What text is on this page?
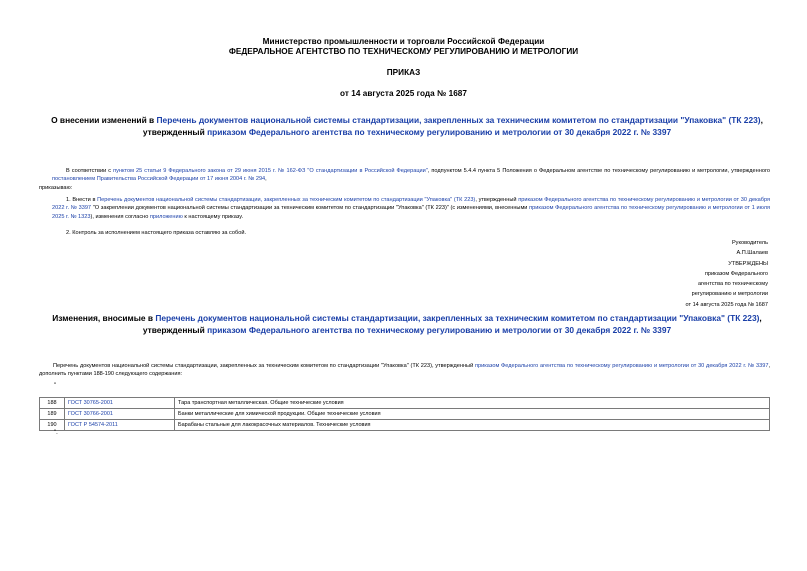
Министерство промышленности и торговли Российской Федерации
ФЕДЕРАЛЬНОЕ АГЕНТСТВО ПО ТЕХНИЧЕСКОМУ РЕГУЛИРОВАНИЮ И МЕТРОЛОГИИ
ПРИКАЗ
от 14 августа 2025 года № 1687
О внесении изменений в Перечень документов национальной системы стандартизации, закрепленных за техническим комитетом по стандартизации "Упаковка" (ТК 223), утвержденный приказом Федерального агентства по техническому регулированию и метрологии от 30 декабря 2022 г. № 3397
В соответствии с пунктом 25 статьи 9 Федерального закона от 29 июня 2015 г. № 162-ФЗ "О стандартизации в Российской Федерации", подпунктом 5.4.4 пункта 5 Положения о Федеральном агентстве по техническому регулированию и метрологии, утвержденного постановлением Правительства Российской Федерации от 17 июня 2004 г. № 294,
приказываю:
1. Внести в Перечень документов национальной системы стандартизации, закрепленных за техническим комитетом по стандартизации "Упаковка" (ТК 223), утвержденный приказом Федерального агентства по техническому регулированию и метрологии от 30 декабря 2022 г. № 3397 "О закреплении документов национальной системы стандартизации за техническим комитетом по стандартизации "Упаковка" (ТК 223)" (с изменениями, внесенными приказом Федерального агентства по техническому регулированию и метрологии от 1 июля 2025 г. № 1323), изменения согласно приложению к настоящему приказу.
2. Контроль за исполнением настоящего приказа оставляю за собой.
Руководитель
А.П.Шалаев
УТВЕРЖДЕНЫ
приказом Федерального
агентства по техническому
регулированию и метрологии
от 14 августа 2025 года № 1687
Изменения, вносимые в Перечень документов национальной системы стандартизации, закрепленных за техническим комитетом по стандартизации "Упаковка" (ТК 223), утвержденный приказом Федерального агентства по техническому регулированию и метрологии от 30 декабря 2022 г. № 3397
Перечень документов национальной системы стандартизации, закрепленных за техническим комитетом по стандартизации "Упаковка" (ТК 223), утвержденный приказом Федерального агентства по техническому регулированию и метрологии от 30 декабря 2022 г. № 3397, дополнить пунктами 188-190 следующего содержания:
"
188	ГОСТ 30765-2001	Тара транспортная металлическая. Общие технические условия
189	ГОСТ 30766-2001	Банки металлические для химической продукции. Общие технические условия
190	ГОСТ Р 54574-2011	Барабаны стальные для лакокрасочных материалов. Технические условия
".
